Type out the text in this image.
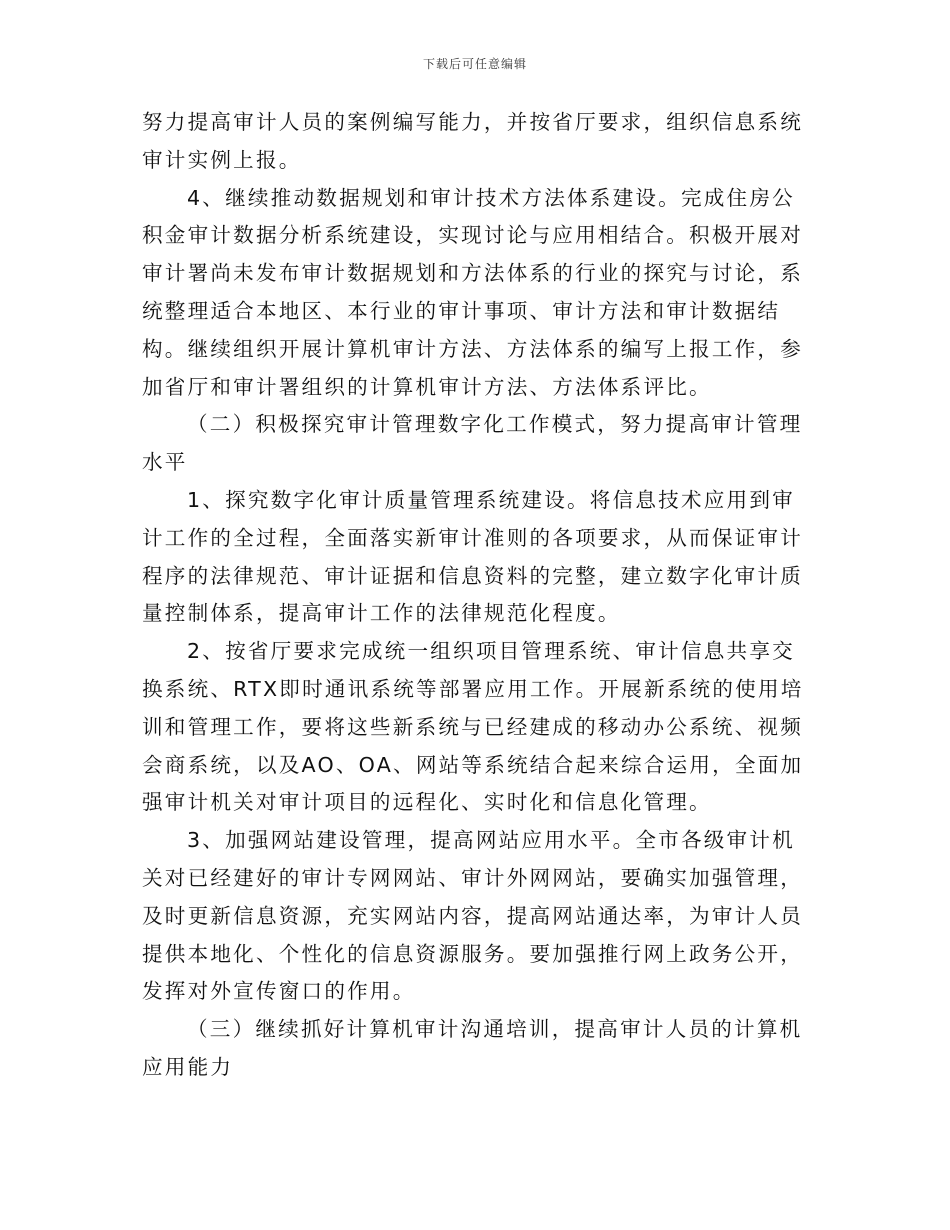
下载后可任意编辑

努力提高审计人员的案例编写能力，并按省厅要求，组织信息系统审计实例上报。

4、继续推动数据规划和审计技术方法体系建设。完成住房公积金审计数据分析系统建设，实现讨论与应用相结合。积极开展对审计署尚未发布审计数据规划和方法体系的行业的探究与讨论，系统整理适合本地区、本行业的审计事项、审计方法和审计数据结构。继续组织开展计算机审计方法、方法体系的编写上报工作，参加省厅和审计署组织的计算机审计方法、方法体系评比。

（二）积极探究审计管理数字化工作模式，努力提高审计管理水平

1、探究数字化审计质量管理系统建设。将信息技术应用到审计工作的全过程，全面落实新审计准则的各项要求，从而保证审计程序的法律规范、审计证据和信息资料的完整，建立数字化审计质量控制体系，提高审计工作的法律规范化程度。

2、按省厅要求完成统一组织项目管理系统、审计信息共享交换系统、RTX即时通讯系统等部署应用工作。开展新系统的使用培训和管理工作，要将这些新系统与已经建成的移动办公系统、视频会商系统，以及AO、OA、网站等系统结合起来综合运用，全面加强审计机关对审计项目的远程化、实时化和信息化管理。

3、加强网站建设管理，提高网站应用水平。全市各级审计机关对已经建好的审计专网网站、审计外网网站，要确实加强管理，及时更新信息资源，充实网站内容，提高网站通达率，为审计人员提供本地化、个性化的信息资源服务。要加强推行网上政务公开，发挥对外宣传窗口的作用。

（三）继续抓好计算机审计沟通培训，提高审计人员的计算机应用能力
